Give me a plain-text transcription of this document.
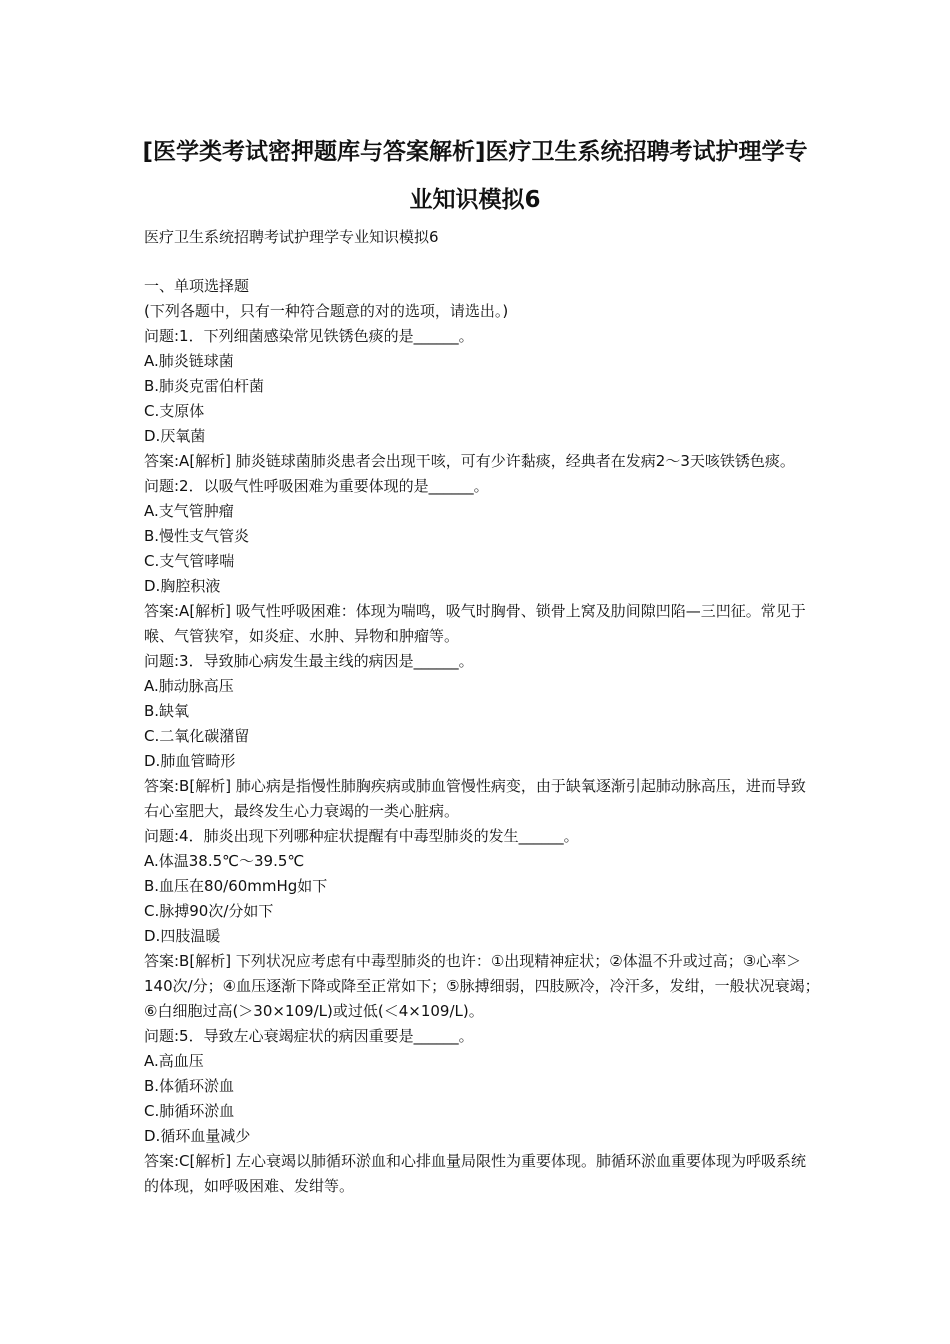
[医学类考试密押题库与答案解析]医疗卫生系统招聘考试护理学专
业知识模拟6
医疗卫生系统招聘考试护理学专业知识模拟6

一、单项选择题

(下列各题中，只有一种符合题意的对的选项，请选出。)

问题:1．下列细菌感染常见铁锈色痰的是______。

A.肺炎链球菌

B.肺炎克雷伯杆菌

C.支原体

D.厌氧菌

答案:A[解析] 肺炎链球菌肺炎患者会出现干咳，可有少许黏痰，经典者在发病2～3天咳铁锈色痰。

问题:2．以吸气性呼吸困难为重要体现的是______。

A.支气管肿瘤

B.慢性支气管炎

C.支气管哮喘

D.胸腔积液

答案:A[解析] 吸气性呼吸困难：体现为喘鸣，吸气时胸骨、锁骨上窝及肋间隙凹陷—三凹征。常见于喉、气管狭窄，如炎症、水肿、异物和肿瘤等。

问题:3．导致肺心病发生最主线的病因是______。

A.肺动脉高压

B.缺氧

C.二氧化碳潴留

D.肺血管畸形

答案:B[解析] 肺心病是指慢性肺胸疾病或肺血管慢性病变，由于缺氧逐渐引起肺动脉高压，进而导致右心室肥大，最终发生心力衰竭的一类心脏病。

问题:4．肺炎出现下列哪种症状提醒有中毒型肺炎的发生______。

A.体温38.5℃～39.5℃

B.血压在80/60mmHg如下

C.脉搏90次/分如下

D.四肢温暖

答案:B[解析] 下列状况应考虑有中毒型肺炎的也许：①出现精神症状；②体温不升或过高；③心率＞140次/分；④血压逐渐下降或降至正常如下；⑤脉搏细弱，四肢厥冷，冷汗多，发绀，一般状况衰竭；⑥白细胞过高(＞30×109/L)或过低(＜4×109/L)。

问题:5．导致左心衰竭症状的病因重要是______。

A.高血压

B.体循环淤血

C.肺循环淤血

D.循环血量减少

答案:C[解析] 左心衰竭以肺循环淤血和心排血量局限性为重要体现。肺循环淤血重要体现为呼吸系统的体现，如呼吸困难、发绀等。
